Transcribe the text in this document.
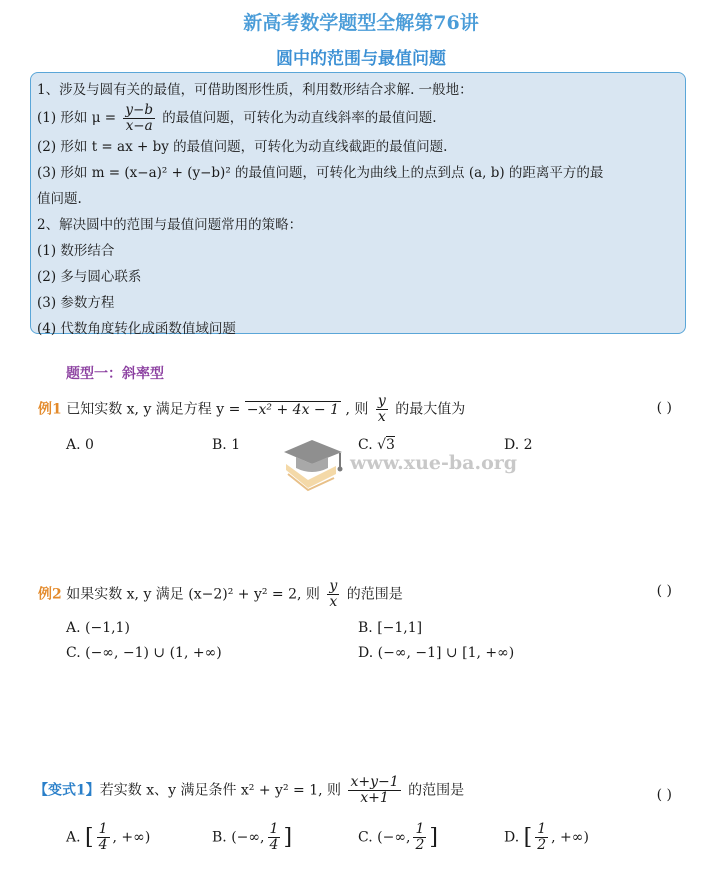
新高考数学题型全解第76讲
圆中的范围与最值问题
1、涉及与圆有关的最值，可借助图形性质，利用数形结合求解. 一般地：
(1) 形如 $\mu = \frac{y-b}{x-a}$ 的最值问题，可转化为动直线斜率的最值问题.
(2) 形如 t = ax + by 的最值问题，可转化为动直线截距的最值问题.
(3) 形如 m = (x−a)² + (y−b)² 的最值问题，可转化为曲线上的点到点 (a, b) 的距离平方的最
值问题.
2、解决圆中的范围与最值问题常用的策略：
(1) 数形结合
(2) 多与圆心联系
(3) 参数方程
(4) 代数角度转化成函数值域问题
题型一：斜率型
例1 已知实数 x, y 满足方程 y = −x² + 4x − 1 , 则 $\frac{y}{x}$ 的最大值为	( )
A. 0	B. 1	C. √3	D. 2
www.xue-ba.org
例2 如果实数 x, y 满足 (x−2)² + y² = 2, 则 $\frac{y}{x}$ 的范围是	( )
A. (−1,1)	B. [−1,1]
C. (−∞, −1) ∪ (1, +∞)	D. (−∞, −1] ∪ [1, +∞)
【变式1】若实数 x、y 满足条件 x² + y² = 1, 则 $\frac{x+y-1}{x+1}$ 的范围是	( )
A. [ $\frac{1}{4}$ , +∞)	B. (−∞, $\frac{1}{4}$ ]	C. (−∞, $\frac{1}{2}$ ]	D. [ $\frac{1}{2}$ , +∞)
